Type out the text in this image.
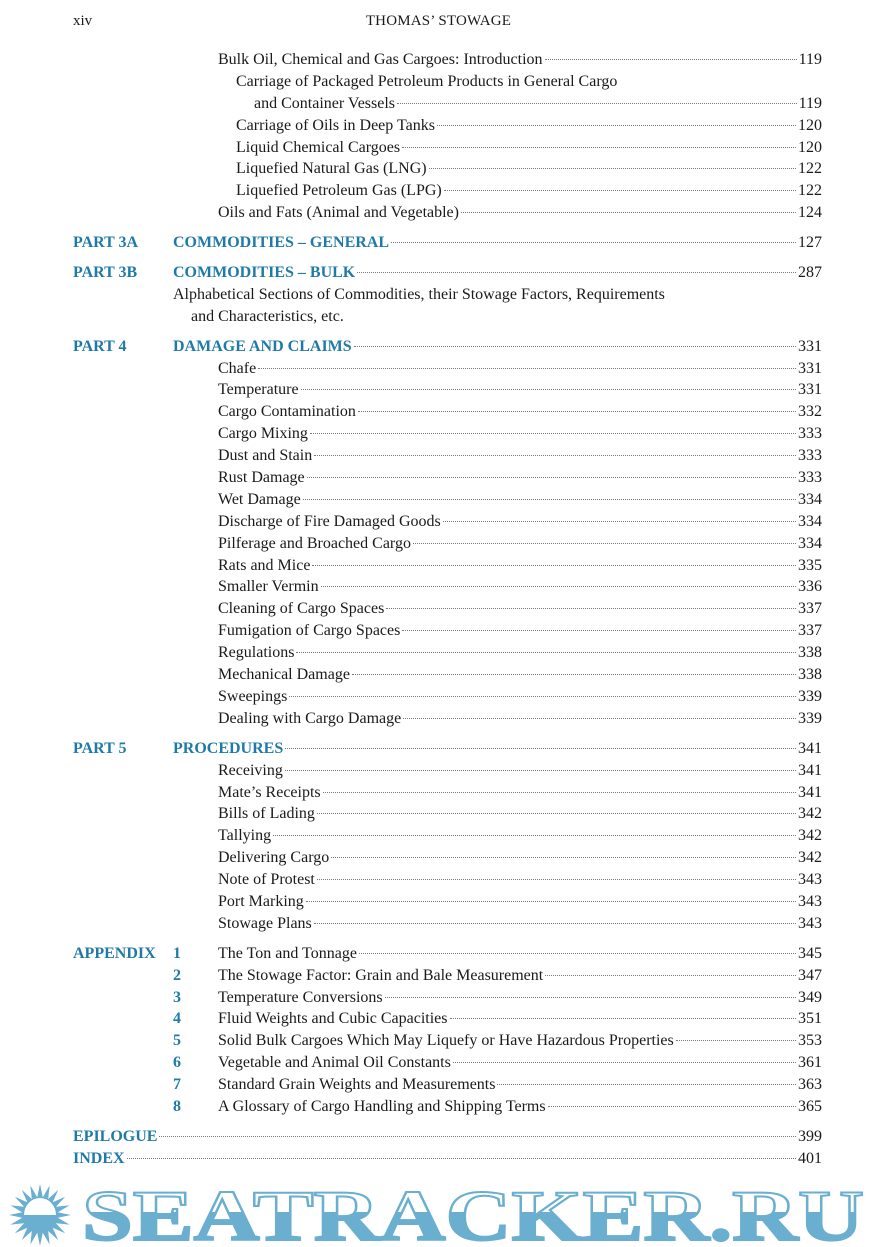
xiv	THOMAS’ STOWAGE
Bulk Oil, Chemical and Gas Cargoes: Introduction	119
Carriage of Packaged Petroleum Products in General Cargo
and Container Vessels	119
Carriage of Oils in Deep Tanks	120
Liquid Chemical Cargoes	120
Liquefied Natural Gas (LNG)	122
Liquefied Petroleum Gas (LPG)	122
Oils and Fats (Animal and Vegetable)	124
PART 3A COMMODITIES – GENERAL	127
PART 3B COMMODITIES – BULK	287
Alphabetical Sections of Commodities, their Stowage Factors, Requirements
and Characteristics, etc.
PART 4	DAMAGE AND CLAIMS	331
Chafe	331
Temperature	331
Cargo Contamination	332
Cargo Mixing	333
Dust and Stain	333
Rust Damage	333
Wet Damage	334
Discharge of Fire Damaged Goods	334
Pilferage and Broached Cargo	334
Rats and Mice	335
Smaller Vermin	336
Cleaning of Cargo Spaces	337
Fumigation of Cargo Spaces	337
Regulations	338
Mechanical Damage	338
Sweepings	339
Dealing with Cargo Damage	339
PART 5	PROCEDURES	341
Receiving	341
Mate’s Receipts	341
Bills of Lading	342
Tallying	342
Delivering Cargo	342
Note of Protest	343
Port Marking	343
Stowage Plans	343
APPENDIX 1 The Ton and Tonnage	345
2 The Stowage Factor: Grain and Bale Measurement	347
3 Temperature Conversions	349
4 Fluid Weights and Cubic Capacities	351
5 Solid Bulk Cargoes Which May Liquefy or Have Hazardous Properties	353
6 Vegetable and Animal Oil Constants	361
7 Standard Grain Weights and Measurements	363
8 A Glossary of Cargo Handling and Shipping Terms	365
EPILOGUE	399
INDEX	401
SEATRACKER.RU
